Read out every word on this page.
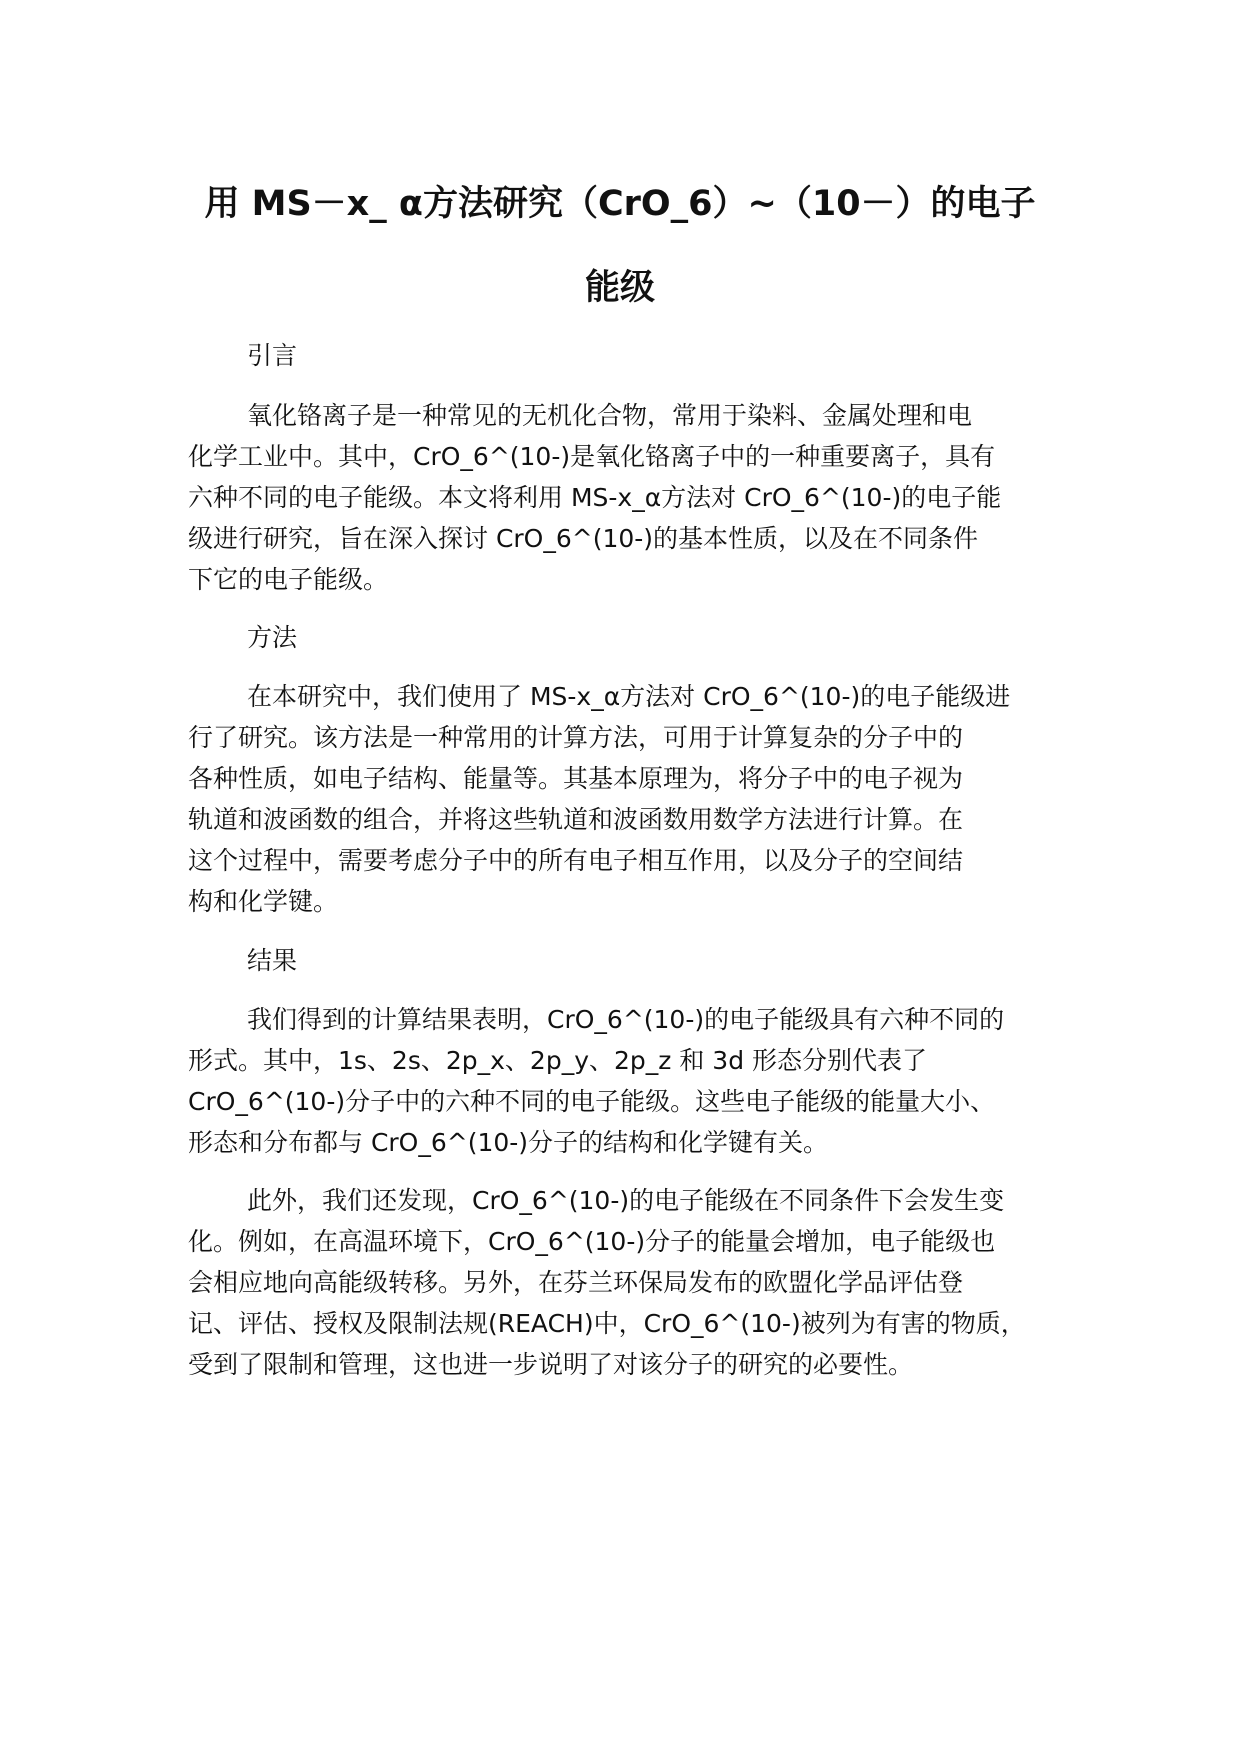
用 MS－x_ α方法研究（CrO_6）~（10－）的电子
能级
引言
氧化铬离子是一种常见的无机化合物，常用于染料、金属处理和电
化学工业中。其中，CrO_6^(10-)是氧化铬离子中的一种重要离子，具有
六种不同的电子能级。本文将利用 MS-x_α方法对 CrO_6^(10-)的电子能
级进行研究，旨在深入探讨 CrO_6^(10-)的基本性质，以及在不同条件
下它的电子能级。
方法
在本研究中，我们使用了 MS-x_α方法对 CrO_6^(10-)的电子能级进
行了研究。该方法是一种常用的计算方法，可用于计算复杂的分子中的
各种性质，如电子结构、能量等。其基本原理为，将分子中的电子视为
轨道和波函数的组合，并将这些轨道和波函数用数学方法进行计算。在
这个过程中，需要考虑分子中的所有电子相互作用，以及分子的空间结
构和化学键。
结果
我们得到的计算结果表明，CrO_6^(10-)的电子能级具有六种不同的
形式。其中，1s、2s、2p_x、2p_y、2p_z 和 3d 形态分别代表了
CrO_6^(10-)分子中的六种不同的电子能级。这些电子能级的能量大小、
形态和分布都与 CrO_6^(10-)分子的结构和化学键有关。
此外，我们还发现，CrO_6^(10-)的电子能级在不同条件下会发生变
化。例如，在高温环境下，CrO_6^(10-)分子的能量会增加，电子能级也
会相应地向高能级转移。另外，在芬兰环保局发布的欧盟化学品评估登
记、评估、授权及限制法规(REACH)中，CrO_6^(10-)被列为有害的物质，
受到了限制和管理，这也进一步说明了对该分子的研究的必要性。
